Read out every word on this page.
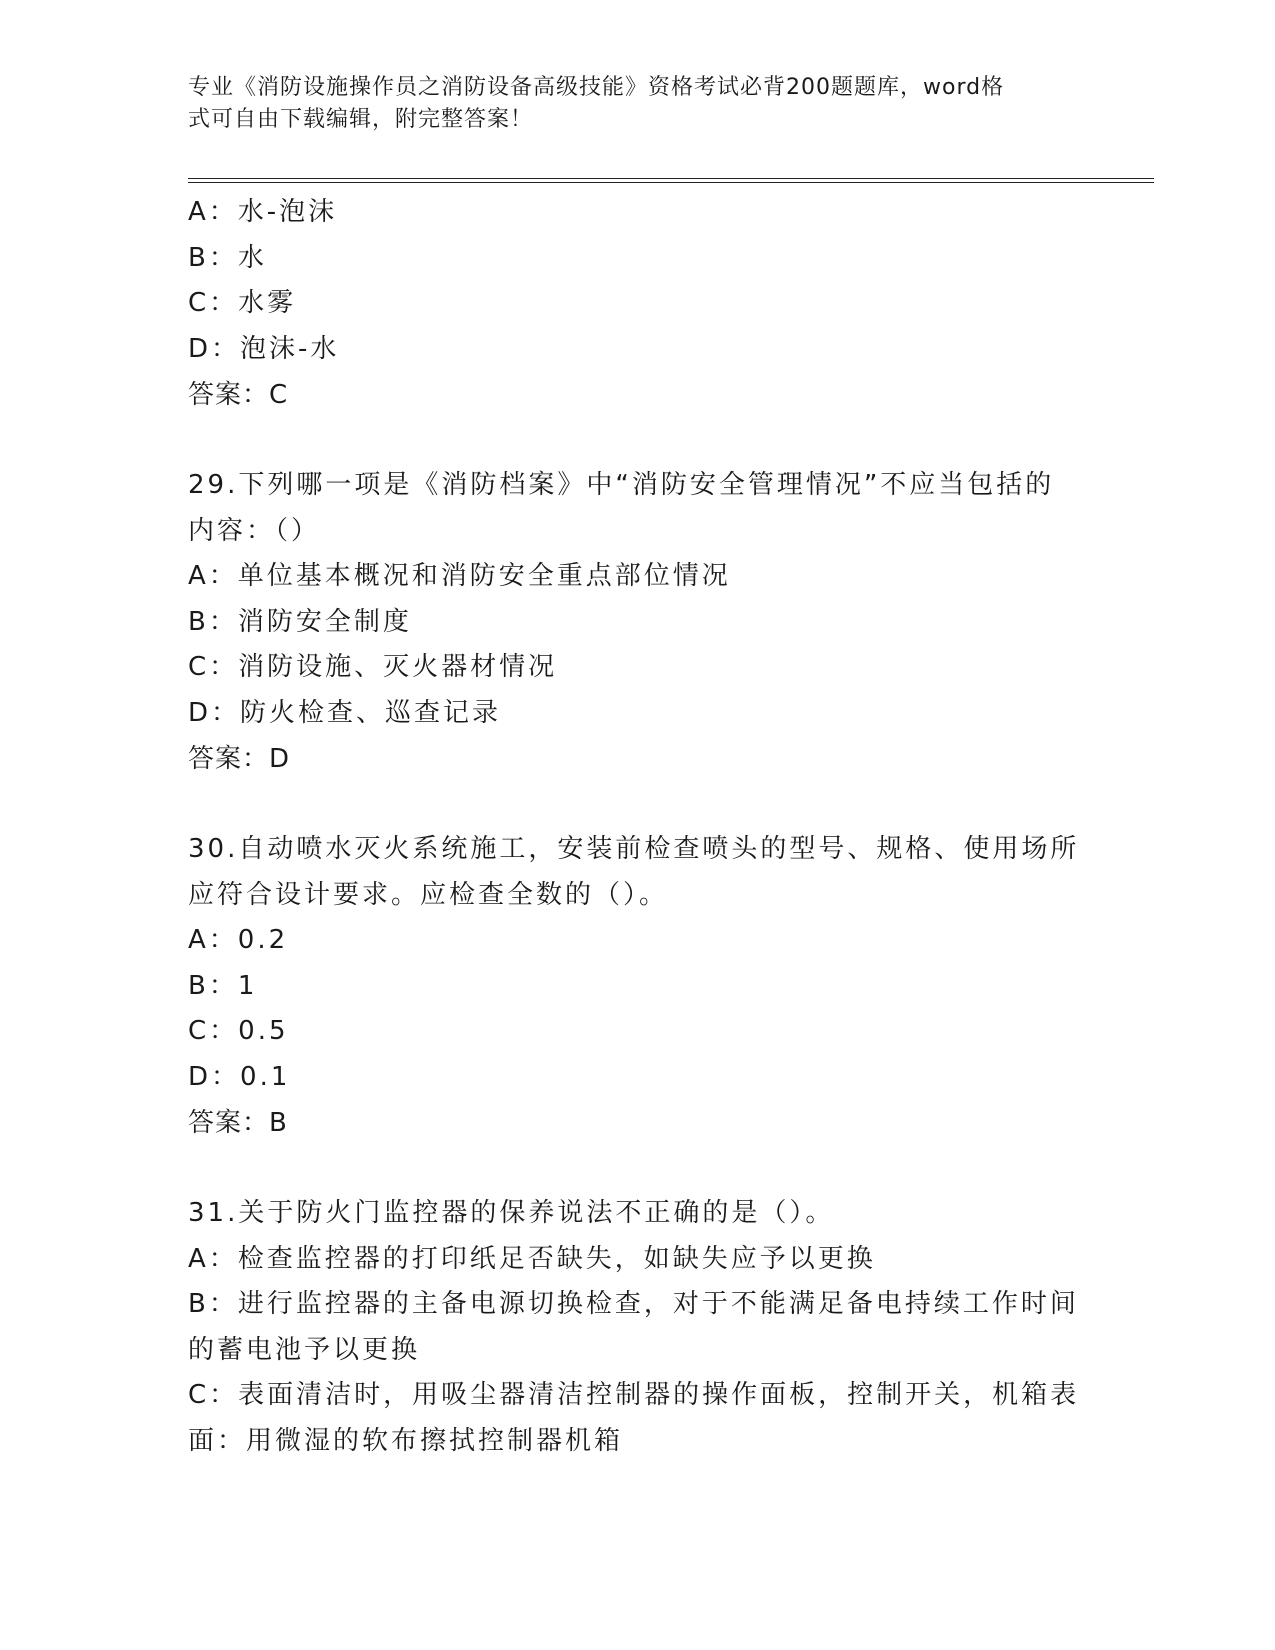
专业《消防设施操作员之消防设备高级技能》资格考试必背200题题库，word格
式可自由下载编辑，附完整答案！
A：水-泡沫
B：水
C：水雾
D：泡沫-水
答案：C
29.下列哪一项是《消防档案》中“消防安全管理情况”不应当包括的
内容：（）
A：单位基本概况和消防安全重点部位情况
B：消防安全制度
C：消防设施、灭火器材情况
D：防火检查、巡查记录
答案：D
30.自动喷水灭火系统施工，安装前检查喷头的型号、规格、使用场所
应符合设计要求。应检查全数的（）。
A：0.2
B：1
C：0.5
D：0.1
答案：B
31.关于防火门监控器的保养说法不正确的是（）。
A：检查监控器的打印纸足否缺失，如缺失应予以更换
B：进行监控器的主备电源切换检查，对于不能满足备电持续工作时间
的蓄电池予以更换
C：表面清洁时，用吸尘器清洁控制器的操作面板，控制开关，机箱表
面：用微湿的软布擦拭控制器机箱
